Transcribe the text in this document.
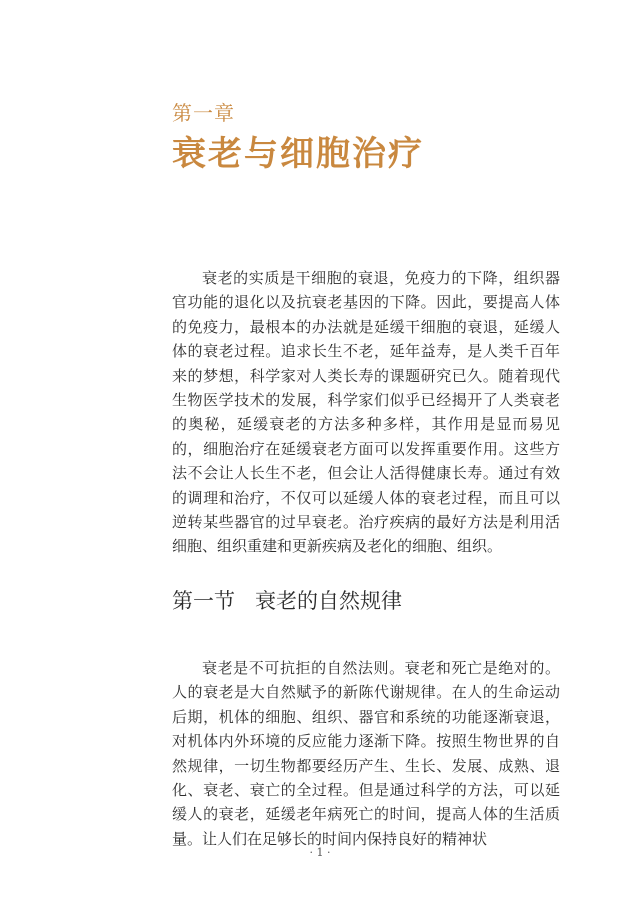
第一章
衰老与细胞治疗

衰老的实质是干细胞的衰退，免疫力的下降，组织器官功能的退化以及抗衰老基因的下降。因此，要提高人体的免疫力，最根本的办法就是延缓干细胞的衰退，延缓人体的衰老过程。追求长生不老，延年益寿，是人类千百年来的梦想，科学家对人类长寿的课题研究已久。随着现代生物医学技术的发展，科学家们似乎已经揭开了人类衰老的奥秘，延缓衰老的方法多种多样，其作用是显而易见的，细胞治疗在延缓衰老方面可以发挥重要作用。这些方法不会让人长生不老，但会让人活得健康长寿。通过有效的调理和治疗，不仅可以延缓人体的衰老过程，而且可以逆转某些器官的过早衰老。治疗疾病的最好方法是利用活细胞、组织重建和更新疾病及老化的细胞、组织。

第一节 衰老的自然规律

衰老是不可抗拒的自然法则。衰老和死亡是绝对的。人的衰老是大自然赋予的新陈代谢规律。在人的生命运动后期，机体的细胞、组织、器官和系统的功能逐渐衰退，对机体内外环境的反应能力逐渐下降。按照生物世界的自然规律，一切生物都要经历产生、生长、发展、成熟、退化、衰老、衰亡的全过程。但是通过科学的方法，可以延缓人的衰老，延缓老年病死亡的时间，提高人体的生活质量。让人们在足够长的时间内保持良好的精神状

· 1 ·
